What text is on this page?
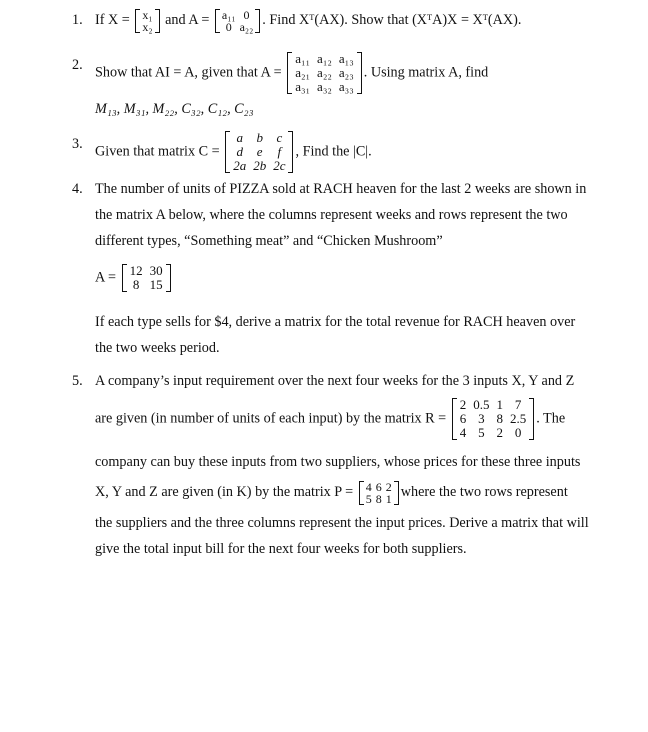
1. If X = x₁
x₂ and A = a₁₁ 0
0 a₂₂ . Find Xᵀ(AX). Show that (XᵀA)X = Xᵀ(AX).
2. Show that AI = A, given that A =
a₁₁ a₁₂ a₁₃
a₂₁ a₂₂ a₂₃
a₃₁ a₃₂ a₃₃
. Using matrix A, find
M₁₃, M₃₁, M₂₂, C₃₂, C₁₂, C₂₃
3. Given that matrix C =
a b c
d e	f
2a 2b 2c
, Find the |C|.
4. The number of units of PIZZA sold at RACH heaven for the last 2 weeks are shown in
the matrix A below, where the columns represent weeks and rows represent the two
different types, “Something meat” and “Chicken Mushroom”
A = 12 30
8 15
If each type sells for $4, derive a matrix for the total revenue for RACH heaven over
the two weeks period.
5. A company’s input requirement over the next four weeks for the 3 inputs X, Y and Z
are given (in number of units of each input) by the matrix R =
2 0.5 1 7
6 3 8 2.5
4 5 2 0
. The
company can buy these inputs from two suppliers, whose prices for these three inputs
X, Y and Z are given (in K) by the matrix P = 4 6 2
5 8 1 where the two rows represent
the suppliers and the three columns represent the input prices. Derive a matrix that will
give the total input bill for the next four weeks for both suppliers.
